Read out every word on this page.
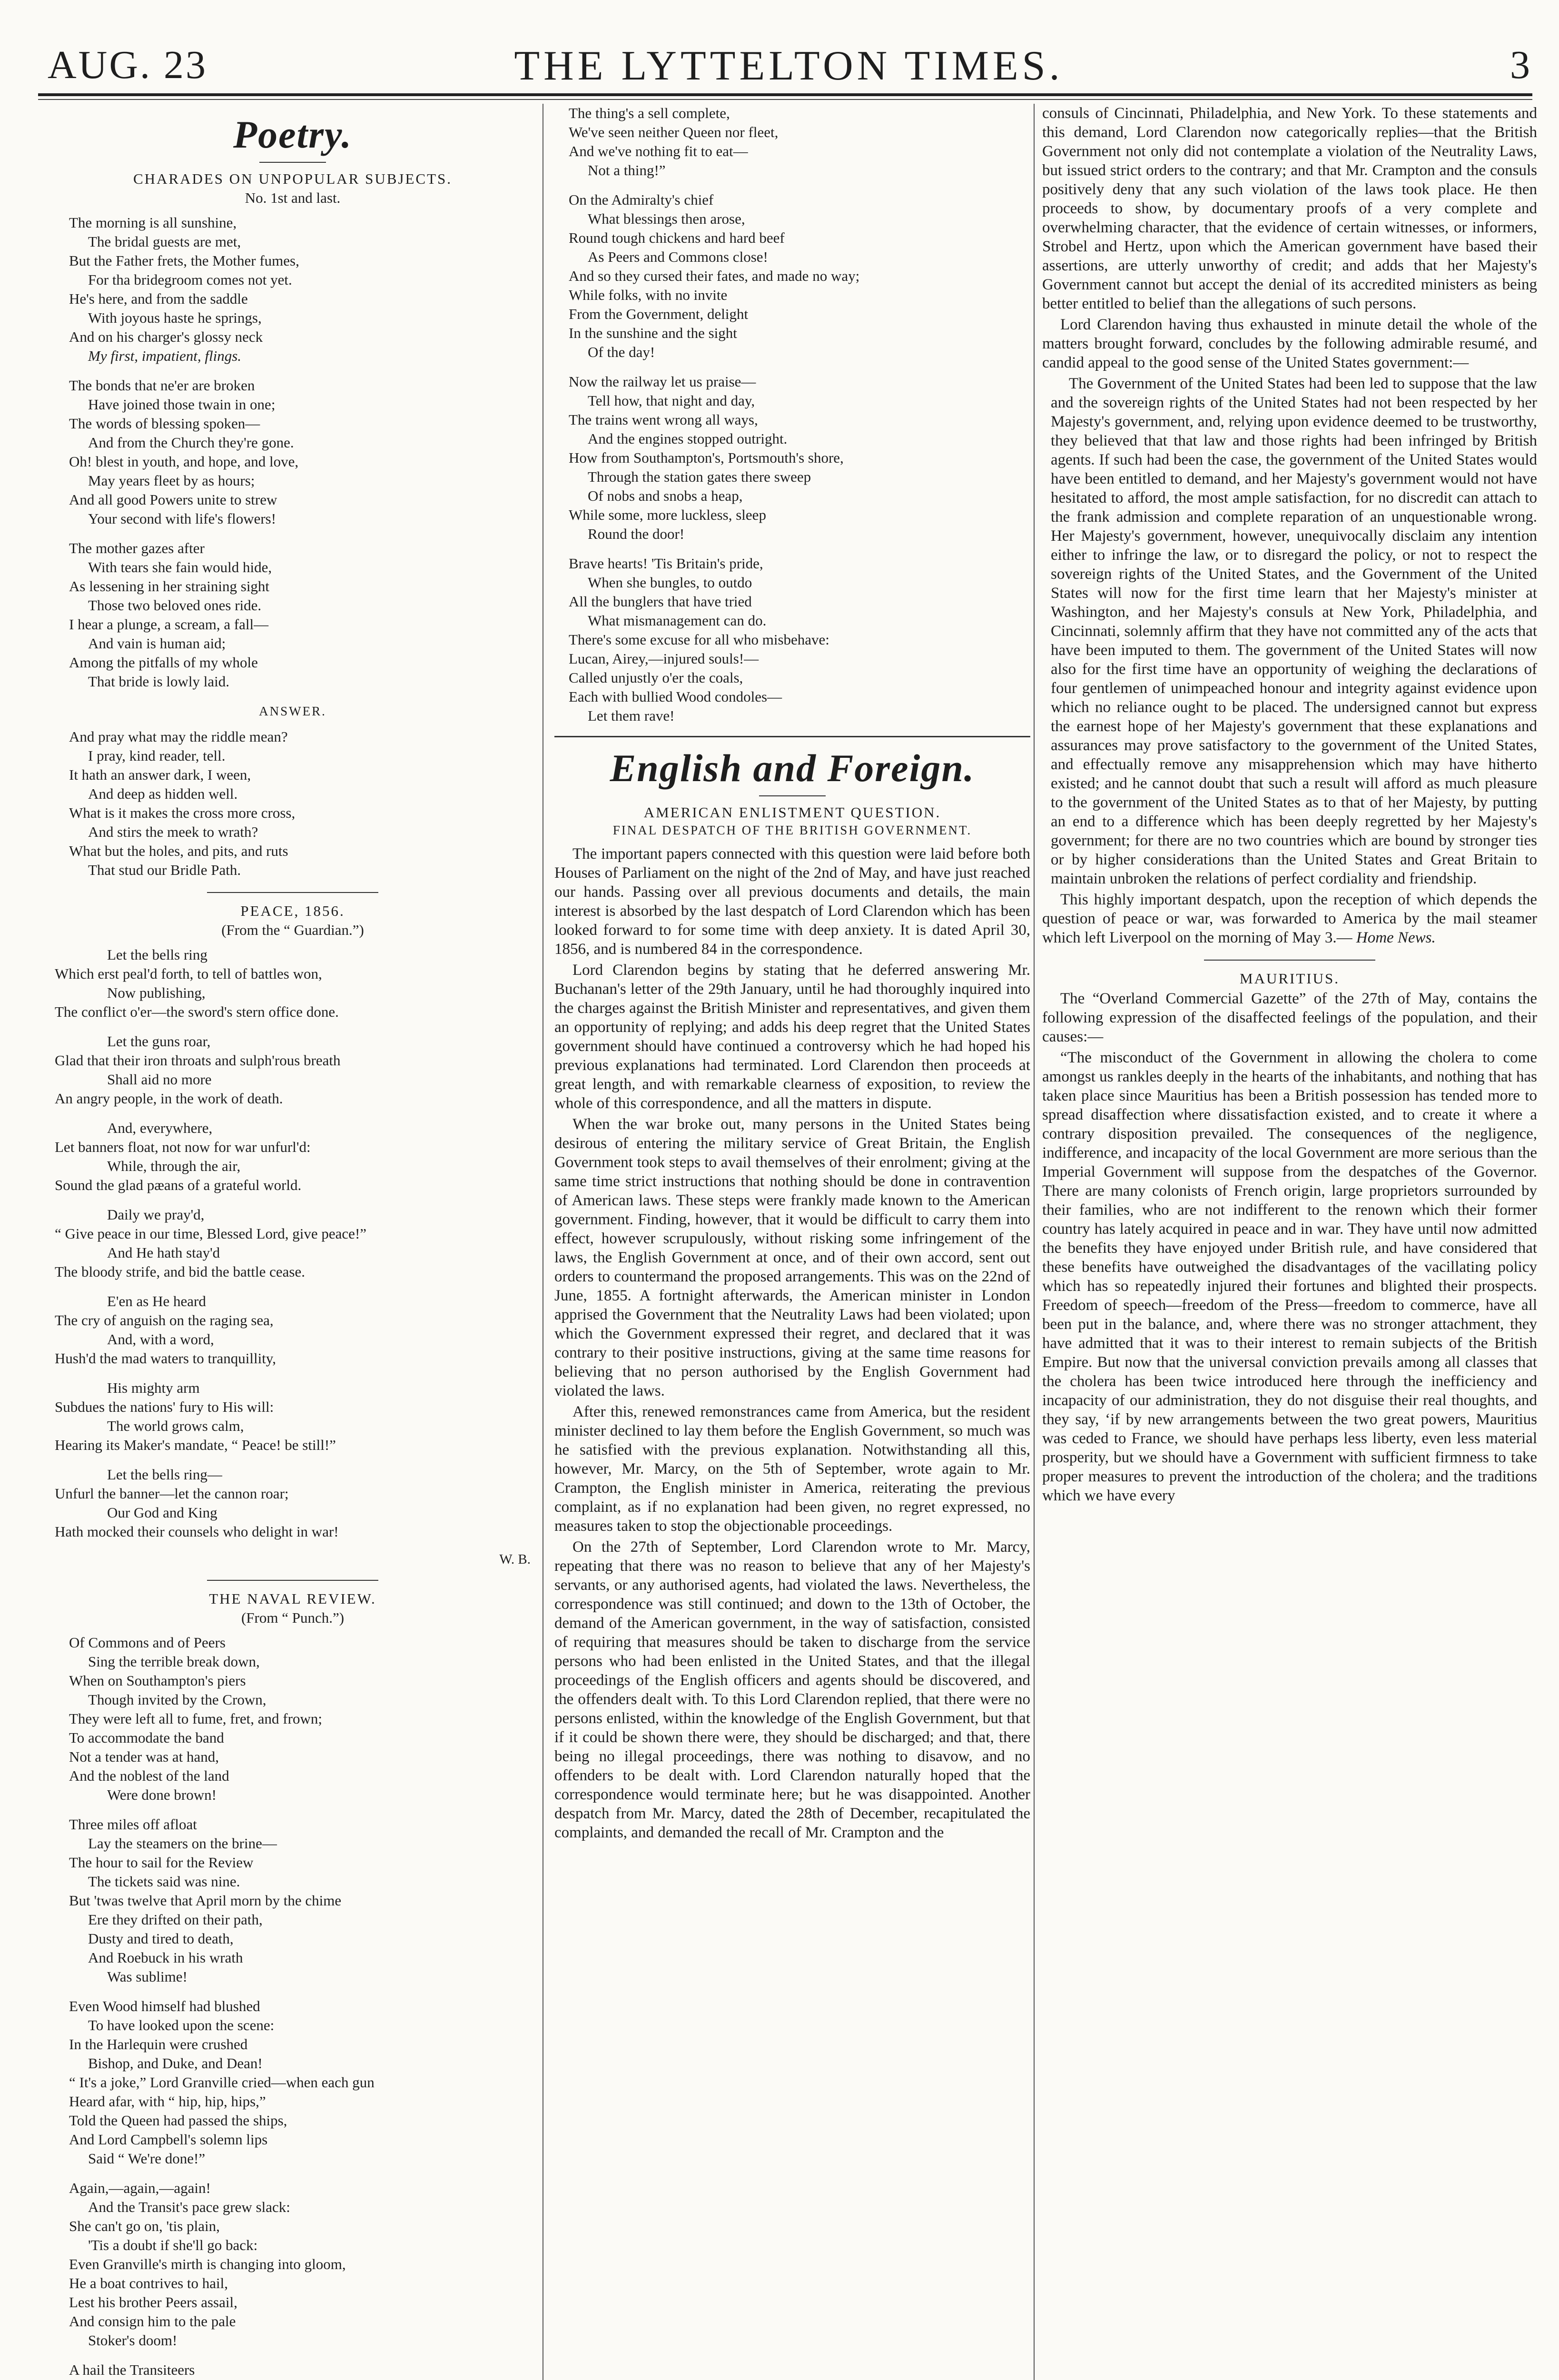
AUG. 23	THE LYTTELTON TIMES.	3
Poetry.
CHARADES ON UNPOPULAR SUBJECTS.
No. 1st and last.
The morning is all sunshine,
The bridal guests are met,
But the Father frets, the Mother fumes,
For tha bridegroom comes not yet.
He's here, and from the saddle
With joyous haste he springs,
And on his charger's glossy neck
My first, impatient, flings.
The bonds that ne'er are broken
Have joined those twain in one;
The words of blessing spoken—
And from the Church they're gone.
Oh! blest in youth, and hope, and love,
May years fleet by as hours;
And all good Powers unite to strew
Your second with life's flowers!
The mother gazes after
With tears she fain would hide,
As lessening in her straining sight
Those two beloved ones ride.
I hear a plunge, a scream, a fall—
And vain is human aid;
Among the pitfalls of my whole
That bride is lowly laid.
ANSWER.
And pray what may the riddle mean?
I pray, kind reader, tell.
It hath an answer dark, I ween,
And deep as hidden well.
What is it makes the cross more cross,
And stirs the meek to wrath?
What but the holes, and pits, and ruts
That stud our Bridle Path.
PEACE, 1856.
(From the “ Guardian.”)
Let the bells ring
Which erst peal'd forth, to tell of battles won,
Now publishing,
The conflict o'er—the sword's stern office done.
Let the guns roar,
Glad that their iron throats and sulph'rous breath
Shall aid no more
An angry people, in the work of death.
And, everywhere,
Let banners float, not now for war unfurl'd:
While, through the air,
Sound the glad pæans of a grateful world.
Daily we pray'd,
“ Give peace in our time, Blessed Lord, give peace!”
And He hath stay'd
The bloody strife, and bid the battle cease.
E'en as He heard
The cry of anguish on the raging sea,
And, with a word,
Hush'd the mad waters to tranquillity,
His mighty arm
Subdues the nations' fury to His will:
The world grows calm,
Hearing its Maker's mandate, “ Peace! be still!”
Let the bells ring—
Unfurl the banner—let the cannon roar;
Our God and King
Hath mocked their counsels who delight in war!
W. B.
THE NAVAL REVIEW.
(From “ Punch.”)
Of Commons and of Peers
Sing the terrible break down,
When on Southampton's piers
Though invited by the Crown,
They were left all to fume, fret, and frown;
To accommodate the band
Not a tender was at hand,
And the noblest of the land
Were done brown!
Three miles off afloat
Lay the steamers on the brine—
The hour to sail for the Review
The tickets said was nine.
But 'twas twelve that April morn by the chime
Ere they drifted on their path,
Dusty and tired to death,
And Roebuck in his wrath
Was sublime!
Even Wood himself had blushed
To have looked upon the scene:
In the Harlequin were crushed
Bishop, and Duke, and Dean!
“ It's a joke,” Lord Granville cried—when each gun
Heard afar, with “ hip, hip, hips,”
Told the Queen had passed the ships,
And Lord Campbell's solemn lips
Said “ We're done!”
Again,—again,—again!
And the Transit's pace grew slack:
She can't go on, 'tis plain,
'Tis a doubt if she'll go back:
Even Granville's mirth is changing into gloom,
He a boat contrives to hail,
Lest his brother Peers assail,
And consign him to the pale
Stoker's doom!
A hail the Transiteers
The thing's a sell complete,
We've seen neither Queen nor fleet,
And we've nothing fit to eat—
Not a thing!”
On the Admiralty's chief
What blessings then arose,
Round tough chickens and hard beef
As Peers and Commons close!
And so they cursed their fates, and made no way;
While folks, with no invite
From the Government, delight
In the sunshine and the sight
Of the day!
Now the railway let us praise—
Tell how, that night and day,
The trains went wrong all ways,
And the engines stopped outright.
How from Southampton's, Portsmouth's shore,
Through the station gates there sweep
Of nobs and snobs a heap,
While some, more luckless, sleep
Round the door!
Brave hearts! 'Tis Britain's pride,
When she bungles, to outdo
All the bunglers that have tried
What mismanagement can do.
There's some excuse for all who misbehave:
Lucan, Airey,—injured souls!—
Called unjustly o'er the coals,
Each with bullied Wood condoles—
Let them rave!
English and Foreign.
AMERICAN ENLISTMENT QUESTION.
FINAL DESPATCH OF THE BRITISH GOVERNMENT.

The important papers connected with this question were laid before both Houses of Parliament on the night of the 2nd of May, and have just reached our hands. Passing over all previous documents and details, the main interest is absorbed by the last despatch of Lord Clarendon which has been looked forward to for some time with deep anxiety. It is dated April 30, 1856, and is numbered 84 in the correspondence.

Lord Clarendon begins by stating that he deferred answering Mr. Buchanan's letter of the 29th January, until he had thoroughly inquired into the charges against the British Minister and representatives, and given them an opportunity of replying; and adds his deep regret that the United States government should have continued a controversy which he had hoped his previous explanations had terminated. Lord Clarendon then proceeds at great length, and with remarkable clearness of exposition, to review the whole of this correspondence, and all the matters in dispute.

When the war broke out, many persons in the United States being desirous of entering the military service of Great Britain, the English Government took steps to avail themselves of their enrolment; giving at the same time strict instructions that nothing should be done in contravention of American laws. These steps were frankly made known to the American government. Finding, however, that it would be difficult to carry them into effect, however scrupulously, without risking some infringement of the laws, the English Government at once, and of their own accord, sent out orders to countermand the proposed arrangements. This was on the 22nd of June, 1855. A fortnight afterwards, the American minister in London apprised the Government that the Neutrality Laws had been violated; upon which the Government expressed their regret, and declared that it was contrary to their positive instructions, giving at the same time reasons for believing that no person authorised by the English Government had violated the laws.

After this, renewed remonstrances came from America, but the resident minister declined to lay them before the English Government, so much was he satisfied with the previous explanation. Notwithstanding all this, however, Mr. Marcy, on the 5th of September, wrote again to Mr. Crampton, the English minister in America, reiterating the previous complaint, as if no explanation had been given, no regret expressed, no measures taken to stop the objectionable proceedings.

On the 27th of September, Lord Clarendon wrote to Mr. Marcy, repeating that there was no reason to believe that any of her Majesty's servants, or any authorised agents, had violated the laws. Nevertheless, the correspondence was still continued; and down to the 13th of October, the demand of the American government, in the way of satisfaction, consisted of requiring that measures should be taken to discharge from the service persons who had been enlisted in the United States, and that the illegal proceedings of the English officers and agents should be discovered, and the offenders dealt with. To this Lord Clarendon replied, that there were no persons enlisted, within the knowledge of the English Government, but that if it could be shown there were, they should be discharged; and that, there being no illegal proceedings, there was nothing to disavow, and no offenders to be dealt with. Lord Clarendon naturally hoped that the correspondence would terminate here; but he was disappointed. Another despatch from Mr. Marcy, dated the 28th of December, recapitulated the complaints, and demanded the recall of Mr. Crampton and the

consuls of Cincinnati, Philadelphia, and New York. To these statements and this demand, Lord Clarendon now categorically replies—that the British Government not only did not contemplate a violation of the Neutrality Laws, but issued strict orders to the contrary; and that Mr. Crampton and the consuls positively deny that any such violation of the laws took place. He then proceeds to show, by documentary proofs of a very complete and overwhelming character, that the evidence of certain witnesses, or informers, Strobel and Hertz, upon which the American government have based their assertions, are utterly unworthy of credit; and adds that her Majesty's Government cannot but accept the denial of its accredited ministers as being better entitled to belief than the allegations of such persons.

Lord Clarendon having thus exhausted in minute detail the whole of the matters brought forward, concludes by the following admirable resumé, and candid appeal to the good sense of the United States government:—

The Government of the United States had been led to suppose that the law and the sovereign rights of the United States had not been respected by her Majesty's government, and, relying upon evidence deemed to be trustworthy, they believed that that law and those rights had been infringed by British agents. If such had been the case, the government of the United States would have been entitled to demand, and her Majesty's government would not have hesitated to afford, the most ample satisfaction, for no discredit can attach to the frank admission and complete reparation of an unquestionable wrong. Her Majesty's government, however, unequivocally disclaim any intention either to infringe the law, or to disregard the policy, or not to respect the sovereign rights of the United States, and the Government of the United States will now for the first time learn that her Majesty's minister at Washington, and her Majesty's consuls at New York, Philadelphia, and Cincinnati, solemnly affirm that they have not committed any of the acts that have been imputed to them. The government of the United States will now also for the first time have an opportunity of weighing the declarations of four gentlemen of unimpeached honour and integrity against evidence upon which no reliance ought to be placed. The undersigned cannot but express the earnest hope of her Majesty's government that these explanations and assurances may prove satisfactory to the government of the United States, and effectually remove any misapprehension which may have hitherto existed; and he cannot doubt that such a result will afford as much pleasure to the government of the United States as to that of her Majesty, by putting an end to a difference which has been deeply regretted by her Majesty's government; for there are no two countries which are bound by stronger ties or by higher considerations than the United States and Great Britain to maintain unbroken the relations of perfect cordiality and friendship.

This highly important despatch, upon the reception of which depends the question of peace or war, was forwarded to America by the mail steamer which left Liverpool on the morning of May 3.— Home News.

MAURITIUS.

The “Overland Commercial Gazette” of the 27th of May, contains the following expression of the disaffected feelings of the population, and their causes:—

“The misconduct of the Government in allowing the cholera to come amongst us rankles deeply in the hearts of the inhabitants, and nothing that has taken place since Mauritius has been a British possession has tended more to spread disaffection where dissatisfaction existed, and to create it where a contrary disposition prevailed. The consequences of the negligence, indifference, and incapacity of the local Government are more serious than the Imperial Government will suppose from the despatches of the Governor. There are many colonists of French origin, large proprietors surrounded by their families, who are not indifferent to the renown which their former country has lately acquired in peace and in war. They have until now admitted the benefits they have enjoyed under British rule, and have considered that these benefits have outweighed the disadvantages of the vacillating policy which has so repeatedly injured their fortunes and blighted their prospects. Freedom of speech—freedom of the Press—freedom to commerce, have all been put in the balance, and, where there was no stronger attachment, they have admitted that it was to their interest to remain subjects of the British Empire. But now that the universal conviction prevails among all classes that the cholera has been twice introduced here through the inefficiency and incapacity of our administration, they do not disguise their real thoughts, and they say, ‘if by new arrangements between the two great powers, Mauritius was ceded to France, we should have perhaps less liberty, even less material prosperity, but we should have a Government with sufficient firmness to take proper measures to prevent the introduction of the cholera; and the traditions which we have every
